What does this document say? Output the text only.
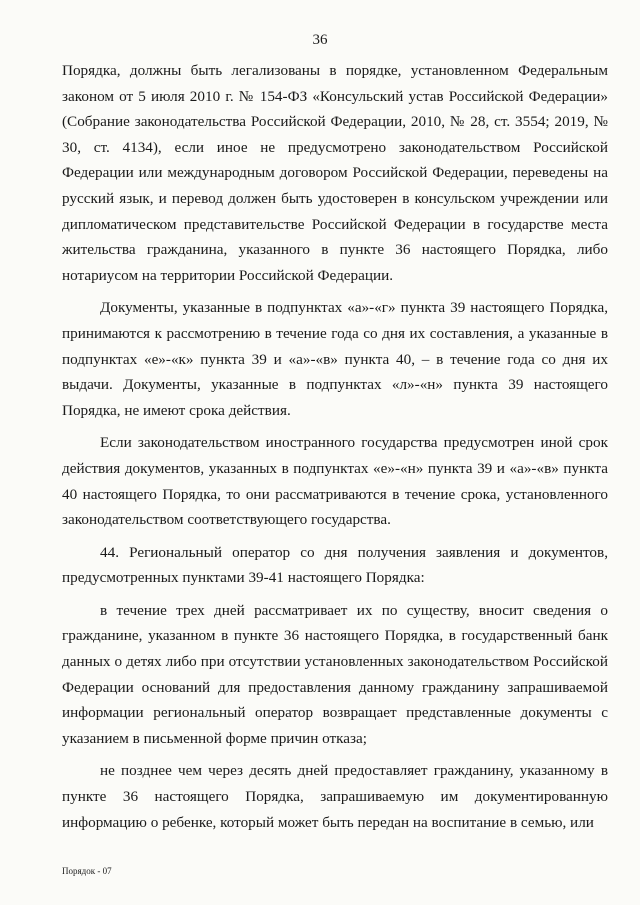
36

Порядка, должны быть легализованы в порядке, установленном Федеральным законом от 5 июля 2010 г. № 154-ФЗ «Консульский устав Российской Федерации» (Собрание законодательства Российской Федерации, 2010, № 28, ст. 3554; 2019, № 30, ст. 4134), если иное не предусмотрено законодательством Российской Федерации или международным договором Российской Федерации, переведены на русский язык, и перевод должен быть удостоверен в консульском учреждении или дипломатическом представительстве Российской Федерации в государстве места жительства гражданина, указанного в пункте 36 настоящего Порядка, либо нотариусом на территории Российской Федерации.

Документы, указанные в подпунктах «а»-«г» пункта 39 настоящего Порядка, принимаются к рассмотрению в течение года со дня их составления, а указанные в подпунктах «е»-«к» пункта 39 и «а»-«в» пункта 40, – в течение года со дня их выдачи. Документы, указанные в подпунктах «л»-«н» пункта 39 настоящего Порядка, не имеют срока действия.

Если законодательством иностранного государства предусмотрен иной срок действия документов, указанных в подпунктах «е»-«н» пункта 39 и «а»-«в» пункта 40 настоящего Порядка, то они рассматриваются в течение срока, установленного законодательством соответствующего государства.

44. Региональный оператор со дня получения заявления и документов, предусмотренных пунктами 39-41 настоящего Порядка:

в течение трех дней рассматривает их по существу, вносит сведения о гражданине, указанном в пункте 36 настоящего Порядка, в государственный банк данных о детях либо при отсутствии установленных законодательством Российской Федерации оснований для предоставления данному гражданину запрашиваемой информации региональный оператор возвращает представленные документы с указанием в письменной форме причин отказа;

не позднее чем через десять дней предоставляет гражданину, указанному в пункте 36 настоящего Порядка, запрашиваемую им документированную информацию о ребенке, который может быть передан на воспитание в семью, или

Порядок - 07
